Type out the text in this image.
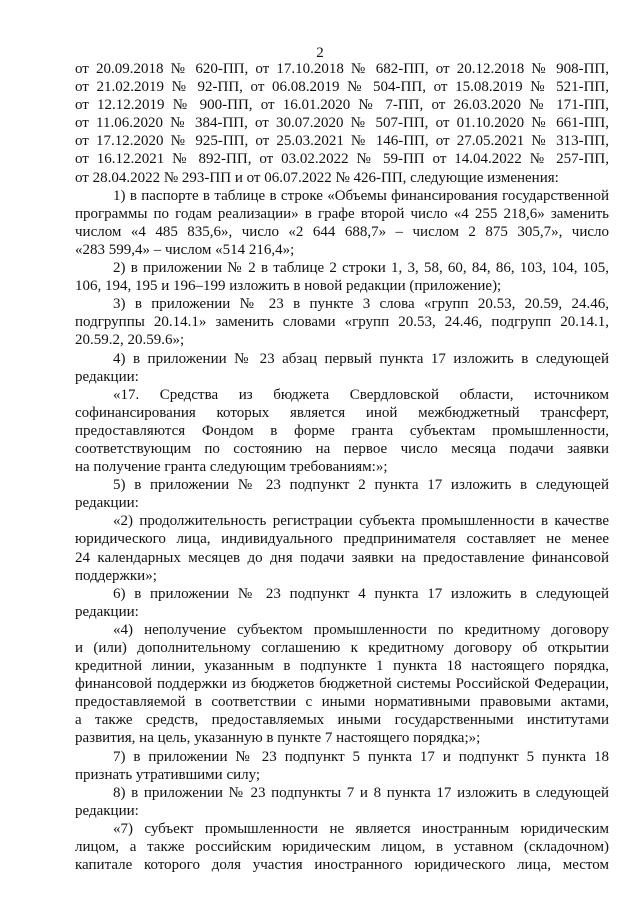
2

от 20.09.2018 № 620-ПП, от 17.10.2018 № 682-ПП, от 20.12.2018 № 908-ПП,

от 21.02.2019 № 92-ПП, от 06.08.2019 № 504-ПП, от 15.08.2019 № 521-ПП,

от 12.12.2019 № 900-ПП, от 16.01.2020 № 7-ПП, от 26.03.2020 № 171-ПП,

от 11.06.2020 № 384-ПП, от 30.07.2020 № 507-ПП, от 01.10.2020 № 661-ПП,

от 17.12.2020 № 925-ПП, от 25.03.2021 № 146-ПП, от 27.05.2021 № 313-ПП,

от 16.12.2021 № 892-ПП, от 03.02.2022 № 59-ПП от 14.04.2022 № 257-ПП,

от 28.04.2022 № 293-ПП и от 06.07.2022 № 426-ПП, следующие изменения:

1) в паспорте в таблице в строке «Объемы финансирования государственной

программы по годам реализации» в графе второй число «4 255 218,6» заменить

числом «4 485 835,6», число «2 644 688,7» – числом 2 875 305,7», число

«283 599,4» – числом «514 216,4»;

2) в приложении № 2 в таблице 2 строки 1, 3, 58, 60, 84, 86, 103, 104, 105,

106, 194, 195 и 196–199 изложить в новой редакции (приложение);

3) в приложении № 23 в пункте 3 слова «групп 20.53, 20.59, 24.46,

подгруппы 20.14.1» заменить словами «групп 20.53, 24.46, подгрупп 20.14.1,

20.59.2, 20.59.6»;

4) в приложении № 23 абзац первый пункта 17 изложить в следующей

редакции:

«17. Средства из бюджета Свердловской области, источником

софинансирования которых является иной межбюджетный трансферт,

предоставляются Фондом в форме гранта субъектам промышленности,

соответствующим по состоянию на первое число месяца подачи заявки

на получение гранта следующим требованиям:»;

5) в приложении № 23 подпункт 2 пункта 17 изложить в следующей

редакции:

«2) продолжительность регистрации субъекта промышленности в качестве

юридического лица, индивидуального предпринимателя составляет не менее

24 календарных месяцев до дня подачи заявки на предоставление финансовой

поддержки»;

6) в приложении № 23 подпункт 4 пункта 17 изложить в следующей

редакции:

«4) неполучение субъектом промышленности по кредитному договору

и (или) дополнительному соглашению к кредитному договору об открытии

кредитной линии, указанным в подпункте 1 пункта 18 настоящего порядка,

финансовой поддержки из бюджетов бюджетной системы Российской Федерации,

предоставляемой в соответствии с иными нормативными правовыми актами,

а также средств, предоставляемых иными государственными институтами

развития, на цель, указанную в пункте 7 настоящего порядка;»;

7) в приложении № 23 подпункт 5 пункта 17 и подпункт 5 пункта 18

признать утратившими силу;

8) в приложении № 23 подпункты 7 и 8 пункта 17 изложить в следующей

редакции:

«7) субъект промышленности не является иностранным юридическим

лицом, а также российским юридическим лицом, в уставном (складочном)

капитале которого доля участия иностранного юридического лица, местом
